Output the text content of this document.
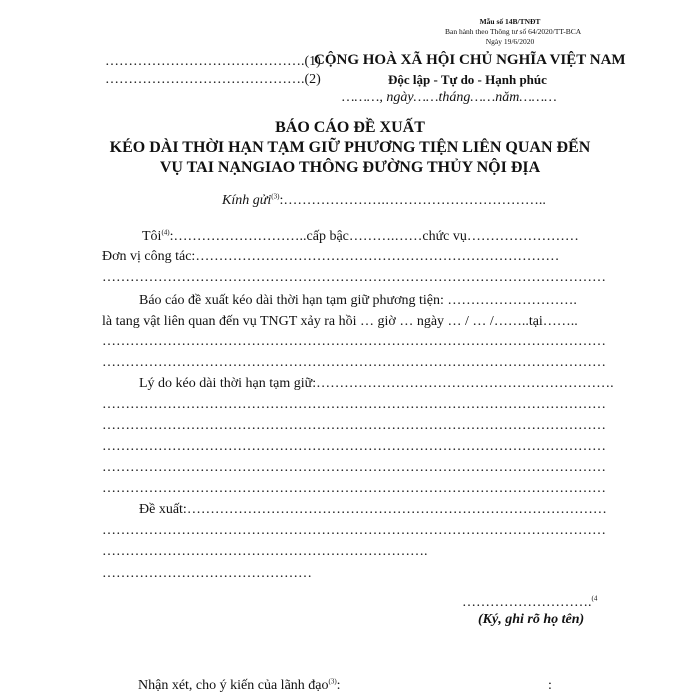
Mẫu số 14B/TNĐT
Ban hành theo Thông tư số 64/2020/TT-BCA
Ngày 19/6/2020
…………………………………….(1)
…………………………………….(2)
CỘNG HOÀ XÃ HỘI CHỦ NGHĨA VIỆT NAM
Độc lập - Tự do - Hạnh phúc
………, ngày……tháng……năm………
BÁO CÁO ĐỀ XUẤT
KÉO DÀI THỜI HẠN TẠM GIỮ PHƯƠNG TIỆN LIÊN QUAN ĐẾN
VỤ TAI NẠNGIAO THÔNG ĐƯỜNG THỦY NỘI ĐỊA
Kính gửi$^{(3)}$:………………….……………………………..
Tôi$^{(4)}$:………………………..cấp bậc……….……chức vụ……………………
Đơn vị công tác:……………………………………………………………………
………………………………………………………………………………………………
Báo cáo đề xuất kéo dài thời hạn tạm giữ phương tiện: ……………………….
là tang vật liên quan đến vụ TNGT xảy ra hồi … giờ … ngày … / … /……..tại……..
………………………………………………………………………………………………
………………………………………………………………………………………………
Lý do kéo dài thời hạn tạm giữ:……………………………………………………….
………………………………………………………………………………………………
………………………………………………………………………………………………
………………………………………………………………………………………………
………………………………………………………………………………………………
………………………………………………………………………………………………
Đề xuất:………………………………………………………………………………
………………………………………………………………………………………………
…………………………………………………………….
………………………………………
……………………….$^{(4}$
(Ký, ghi rõ họ tên)
Nhận xét, cho ý kiến của lãnh đạo$^{(3)}$:	:
